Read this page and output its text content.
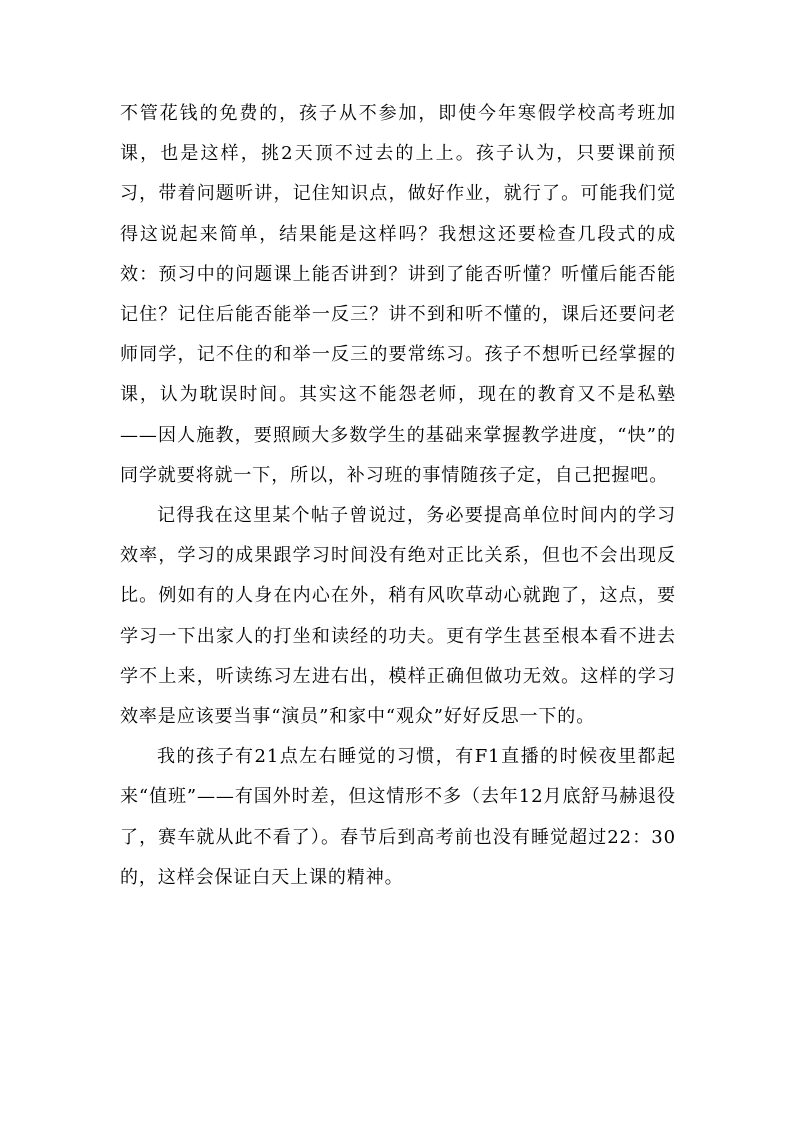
不管花钱的免费的，孩子从不参加，即使今年寒假学校高考班加课，也是这样，挑2天顶不过去的上上。孩子认为，只要课前预习，带着问题听讲，记住知识点，做好作业，就行了。可能我们觉得这说起来简单，结果能是这样吗？我想这还要检查几段式的成效：预习中的问题课上能否讲到？讲到了能否听懂？听懂后能否能记住？记住后能否能举一反三？讲不到和听不懂的，课后还要问老师同学，记不住的和举一反三的要常练习。孩子不想听已经掌握的课，认为耽误时间。其实这不能怨老师，现在的教育又不是私塾——因人施教，要照顾大多数学生的基础来掌握教学进度，“快”的同学就要将就一下，所以，补习班的事情随孩子定，自己把握吧。

记得我在这里某个帖子曾说过，务必要提高单位时间内的学习效率，学习的成果跟学习时间没有绝对正比关系，但也不会出现反比。例如有的人身在内心在外，稍有风吹草动心就跑了，这点，要学习一下出家人的打坐和读经的功夫。更有学生甚至根本看不进去学不上来，听读练习左进右出，模样正确但做功无效。这样的学习效率是应该要当事“演员”和家中“观众”好好反思一下的。

我的孩子有21点左右睡觉的习惯，有F1直播的时候夜里都起来“值班”——有国外时差，但这情形不多（去年12月底舒马赫退役了，赛车就从此不看了）。春节后到高考前也没有睡觉超过22：30的，这样会保证白天上课的精神。
